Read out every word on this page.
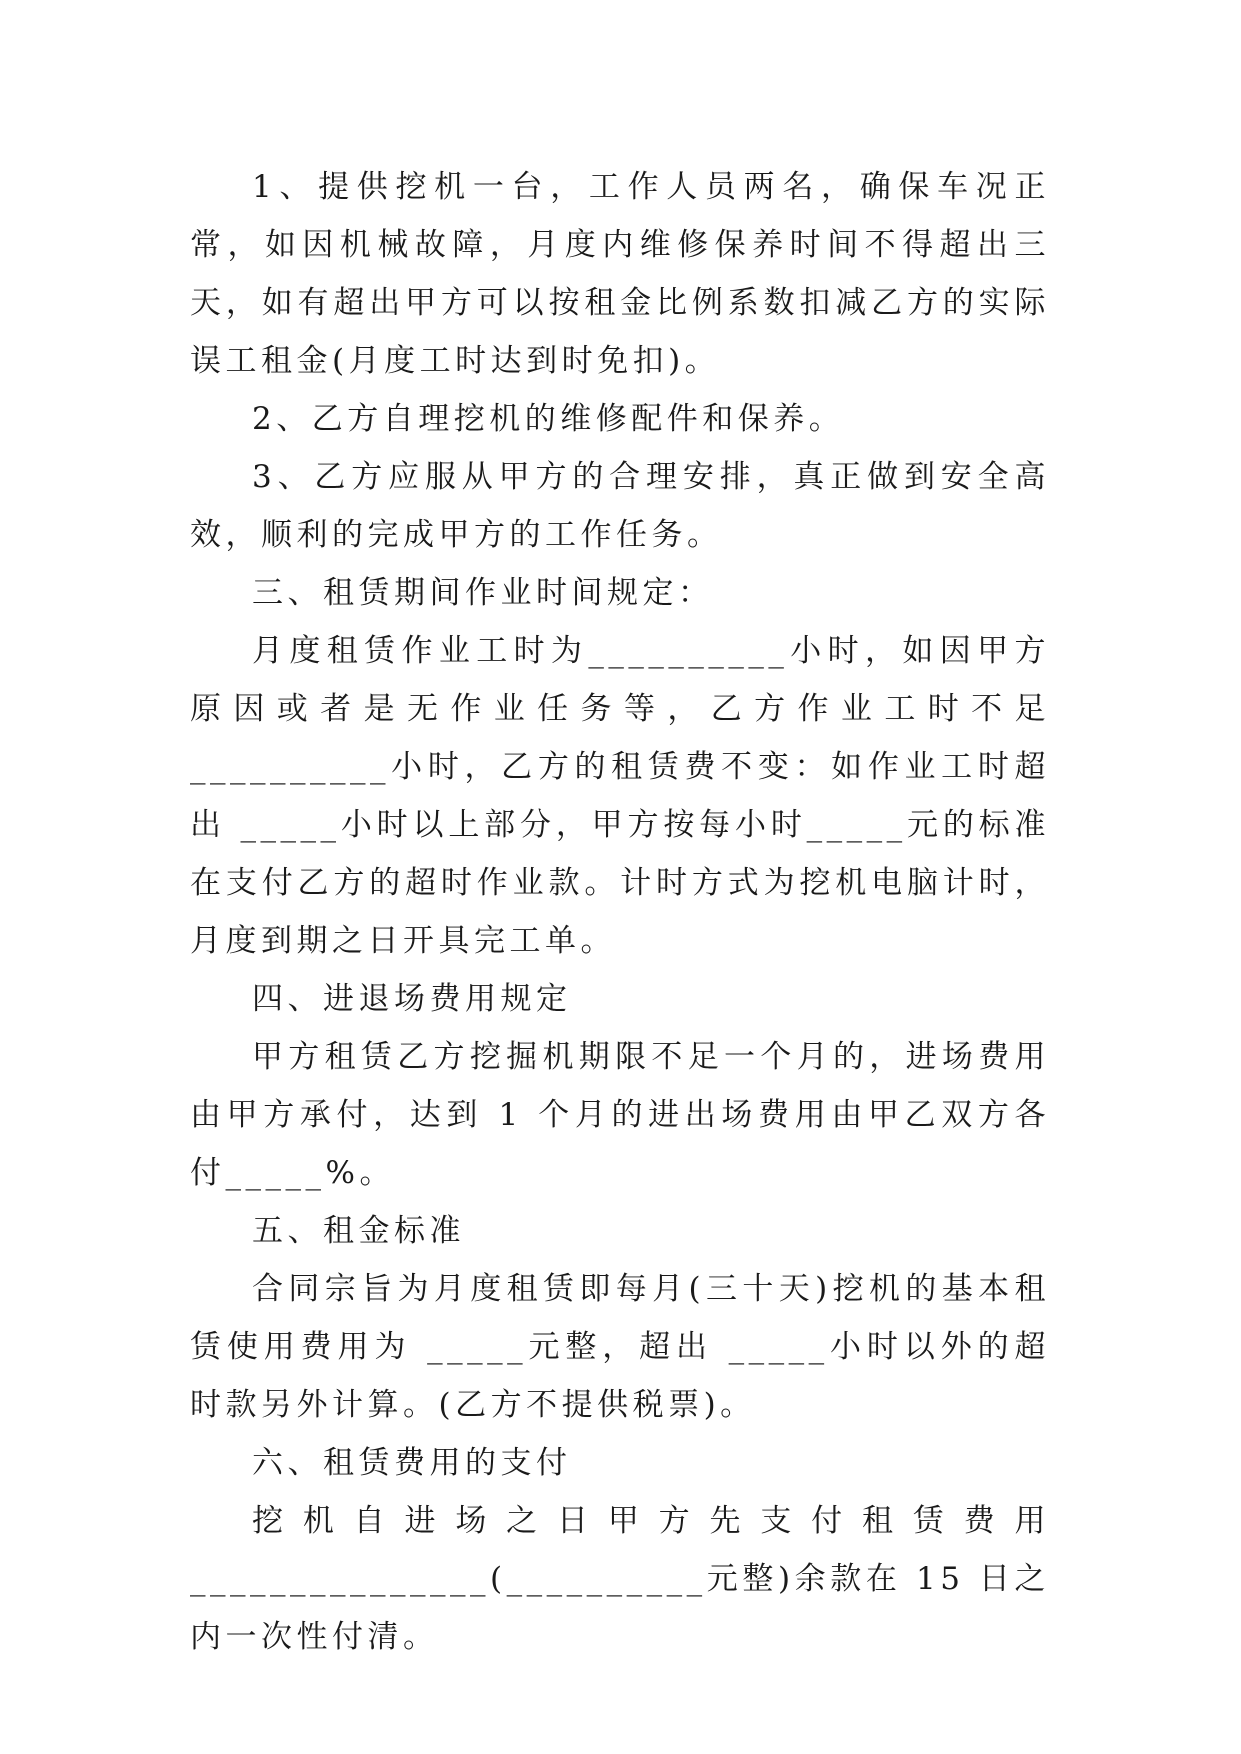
1、提供挖机一台，工作人员两名，确保车况正常，如因机械故障，月度内维修保养时间不得超出三天，如有超出甲方可以按租金比例系数扣减乙方的实际误工租金(月度工时达到时免扣)。

2、乙方自理挖机的维修配件和保养。

3、乙方应服从甲方的合理安排，真正做到安全高效，顺利的完成甲方的工作任务。

三、租赁期间作业时间规定：

月度租赁作业工时为__________小时，如因甲方原因或者是无作业任务等，乙方作业工时不足__________小时，乙方的租赁费不变：如作业工时超出 _____小时以上部分，甲方按每小时_____元的标准在支付乙方的超时作业款。计时方式为挖机电脑计时，月度到期之日开具完工单。

四、进退场费用规定

甲方租赁乙方挖掘机期限不足一个月的，进场费用由甲方承付，达到 1 个月的进出场费用由甲乙双方各付_____%。

五、租金标准

合同宗旨为月度租赁即每月(三十天)挖机的基本租赁使用费用为 _____元整，超出 _____小时以外的超时款另外计算。(乙方不提供税票)。

六、租赁费用的支付

挖机自进场之日甲方先支付租赁费用_______________(__________元整)余款在 15 日之内一次性付清。
